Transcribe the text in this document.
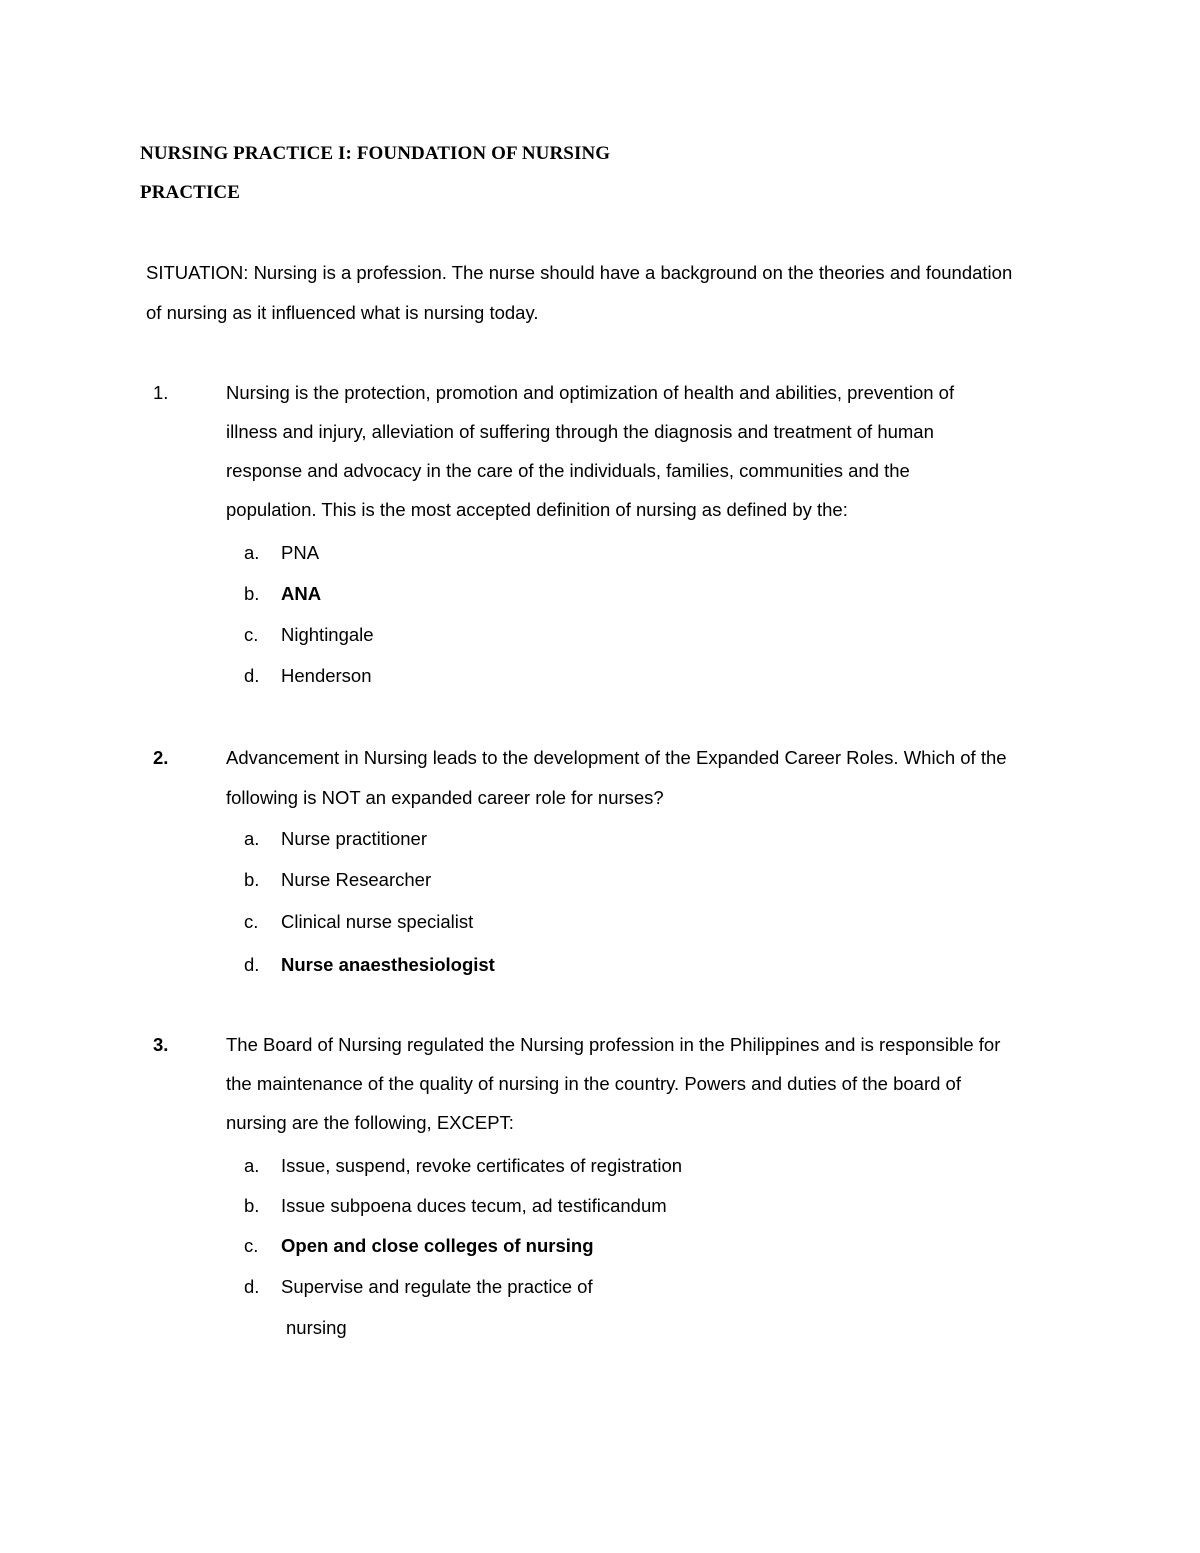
NURSING PRACTICE I: FOUNDATION OF NURSING
PRACTICE
SITUATION: Nursing is a profession. The nurse should have a background on the theories and foundation
of nursing as it influenced what is nursing today.
1.	Nursing is the protection, promotion and optimization of health and abilities, prevention of
illness and injury, alleviation of suffering through the diagnosis and treatment of human
response and advocacy in the care of the individuals, families, communities and the
population. This is the most accepted definition of nursing as defined by the:
a. PNA
b. ANA
c. Nightingale
d. Henderson
2.	Advancement in Nursing leads to the development of the Expanded Career Roles. Which of the
following is NOT an expanded career role for nurses?
a. Nurse practitioner
b. Nurse Researcher
c. Clinical nurse specialist
d. Nurse anaesthesiologist
3.	The Board of Nursing regulated the Nursing profession in the Philippines and is responsible for
the maintenance of the quality of nursing in the country. Powers and duties of the board of
nursing are the following, EXCEPT:
a. Issue, suspend, revoke certificates of registration
b. Issue subpoena duces tecum, ad testificandum
c. Open and close colleges of nursing
d. Supervise and regulate the practice of
nursing
